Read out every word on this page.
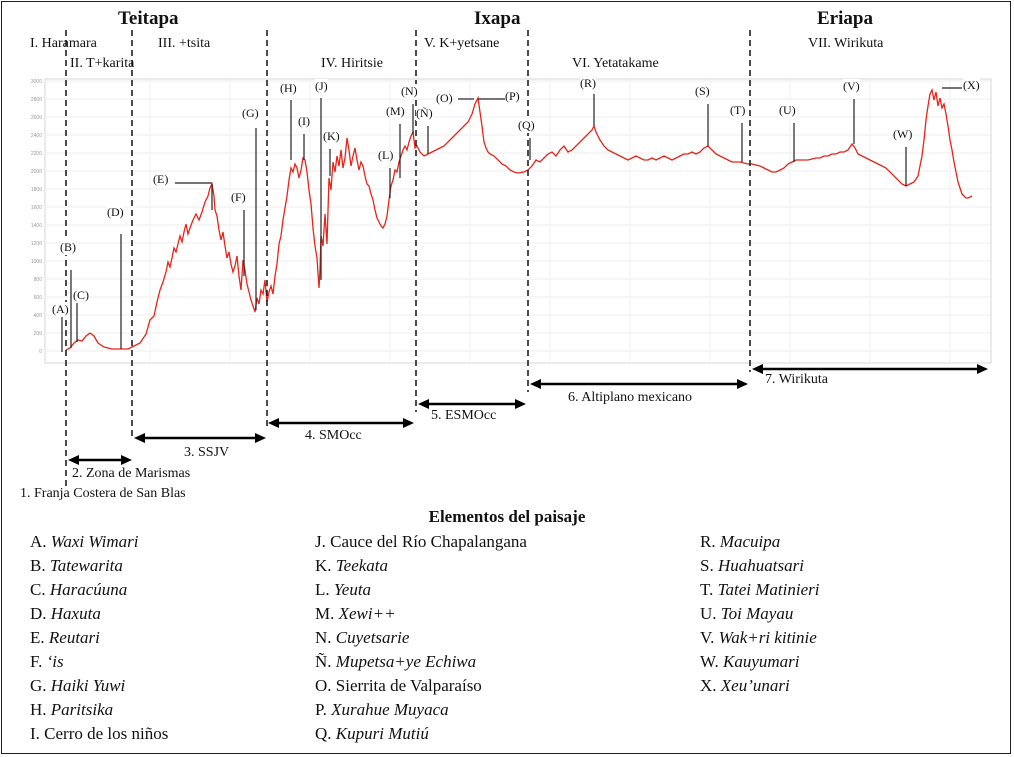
Teitapa	Ixapa	Eriapa
I. Haramara
II. T+karita
III. +tsita
IV. Hiritsie
V. K+yetsane
VI. Yetatakame
VII. Wirikuta
0
200
400
600
800
1000
1200
1400
1600
1800
2000
2200
2400
2600
2800
3000
(A)
(B)
(C)
(D)
(E)
(F)
(G)
(H)
(I)
(J)
(K)
(L)
(M)
(N)
(Ñ)
(O)	(P)
(Q)
(R)
(S)
(T)	(U)
(V)
(W)
(X)
2. Zona de Marismas
3. SSJV
4. SMOcc
5. ESMOcc
6. Altiplano mexicano
7. Wirikuta
1. Franja Costera de San Blas
Elementos del paisaje
A. Waxi Wimari
B. Tatewarita
C. Haracúuna
D. Haxuta
E. Reutari
F. ‘is
G. Haiki Yuwi
H. Paritsika
I. Cerro de los niños
J. Cauce del Río Chapalangana
K. Teekata
L. Yeuta
M. Xewi++
N. Cuyetsarie
Ñ. Mupetsa+ye Echiwa
O. Sierrita de Valparaíso
P. Xurahue Muyaca
Q. Kupuri Mutiú
R. Macuipa
S. Huahuatsari
T. Tatei Matinieri
U. Toi Mayau
V. Wak+ri kitinie
W. Kauyumari
X. Xeu’unari
